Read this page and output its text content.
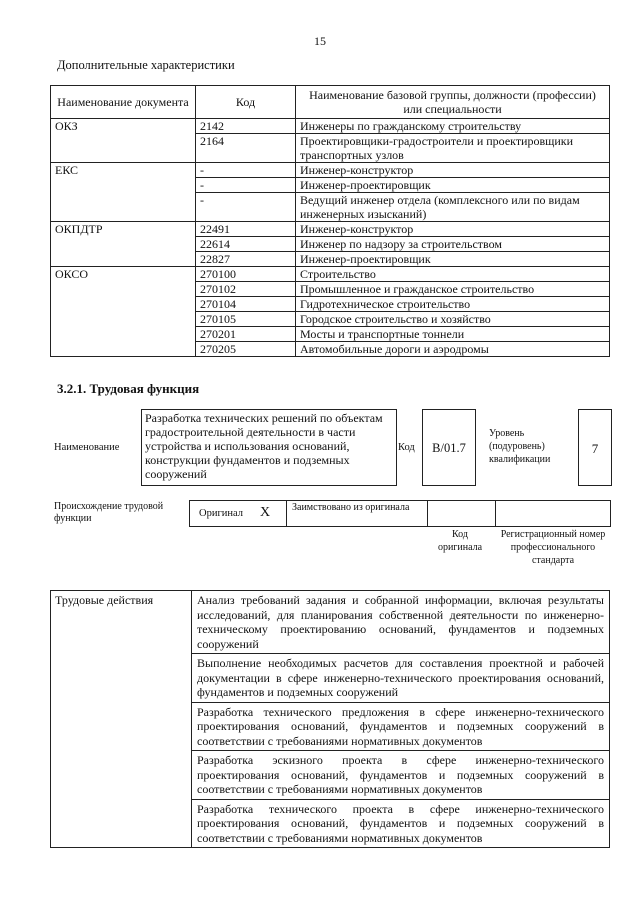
15
Дополнительные характеристики
Наименование документа	Код	Наименование базовой группы, должности (профессии) или специальности
ОКЗ	2142	Инженеры по гражданскому строительству
	2164	Проектировщики-градостроители и проектировщики транспортных узлов
ЕКС	-	Инженер-конструктор
	-	Инженер-проектировщик
	-	Ведущий инженер отдела (комплексного или по видам инженерных изысканий)
ОКПДТР	22491	Инженер-конструктор
	22614	Инженер по надзору за строительством
	22827	Инженер-проектировщик
ОКСО	270100	Строительство
	270102	Промышленное и гражданское строительство
	270104	Гидротехническое строительство
	270105	Городское строительство и хозяйство
	270201	Мосты и транспортные тоннели
	270205	Автомобильные дороги и аэродромы
3.2.1. Трудовая функция
Наименование
Разработка технических решений по объектам градостроительной деятельности в части устройства и использования оснований, конструкции фундаментов и подземных сооружений
Код	В/01.7
Уровень (подуровень) квалификации
7
Происхождение трудовой функции	Оригинал X Заимствовано из оригинала
Код оригинала
Регистрационный номер профессионального стандарта
Трудовые действия	Анализ требований задания и собранной информации, включая результаты исследований, для планирования собственной деятельности по инженерно-техническому проектированию оснований, фундаментов и подземных сооружений
Выполнение необходимых расчетов для составления проектной и рабочей документации в сфере инженерно-технического проектирования оснований, фундаментов и подземных сооружений
Разработка технического предложения в сфере инженерно-технического проектирования оснований, фундаментов и подземных сооружений в соответствии с требованиями нормативных документов
Разработка эскизного проекта в сфере инженерно-технического проектирования оснований, фундаментов и подземных сооружений в соответствии с требованиями нормативных документов
Разработка технического проекта в сфере инженерно-технического проектирования оснований, фундаментов и подземных сооружений в соответствии с требованиями нормативных документов
